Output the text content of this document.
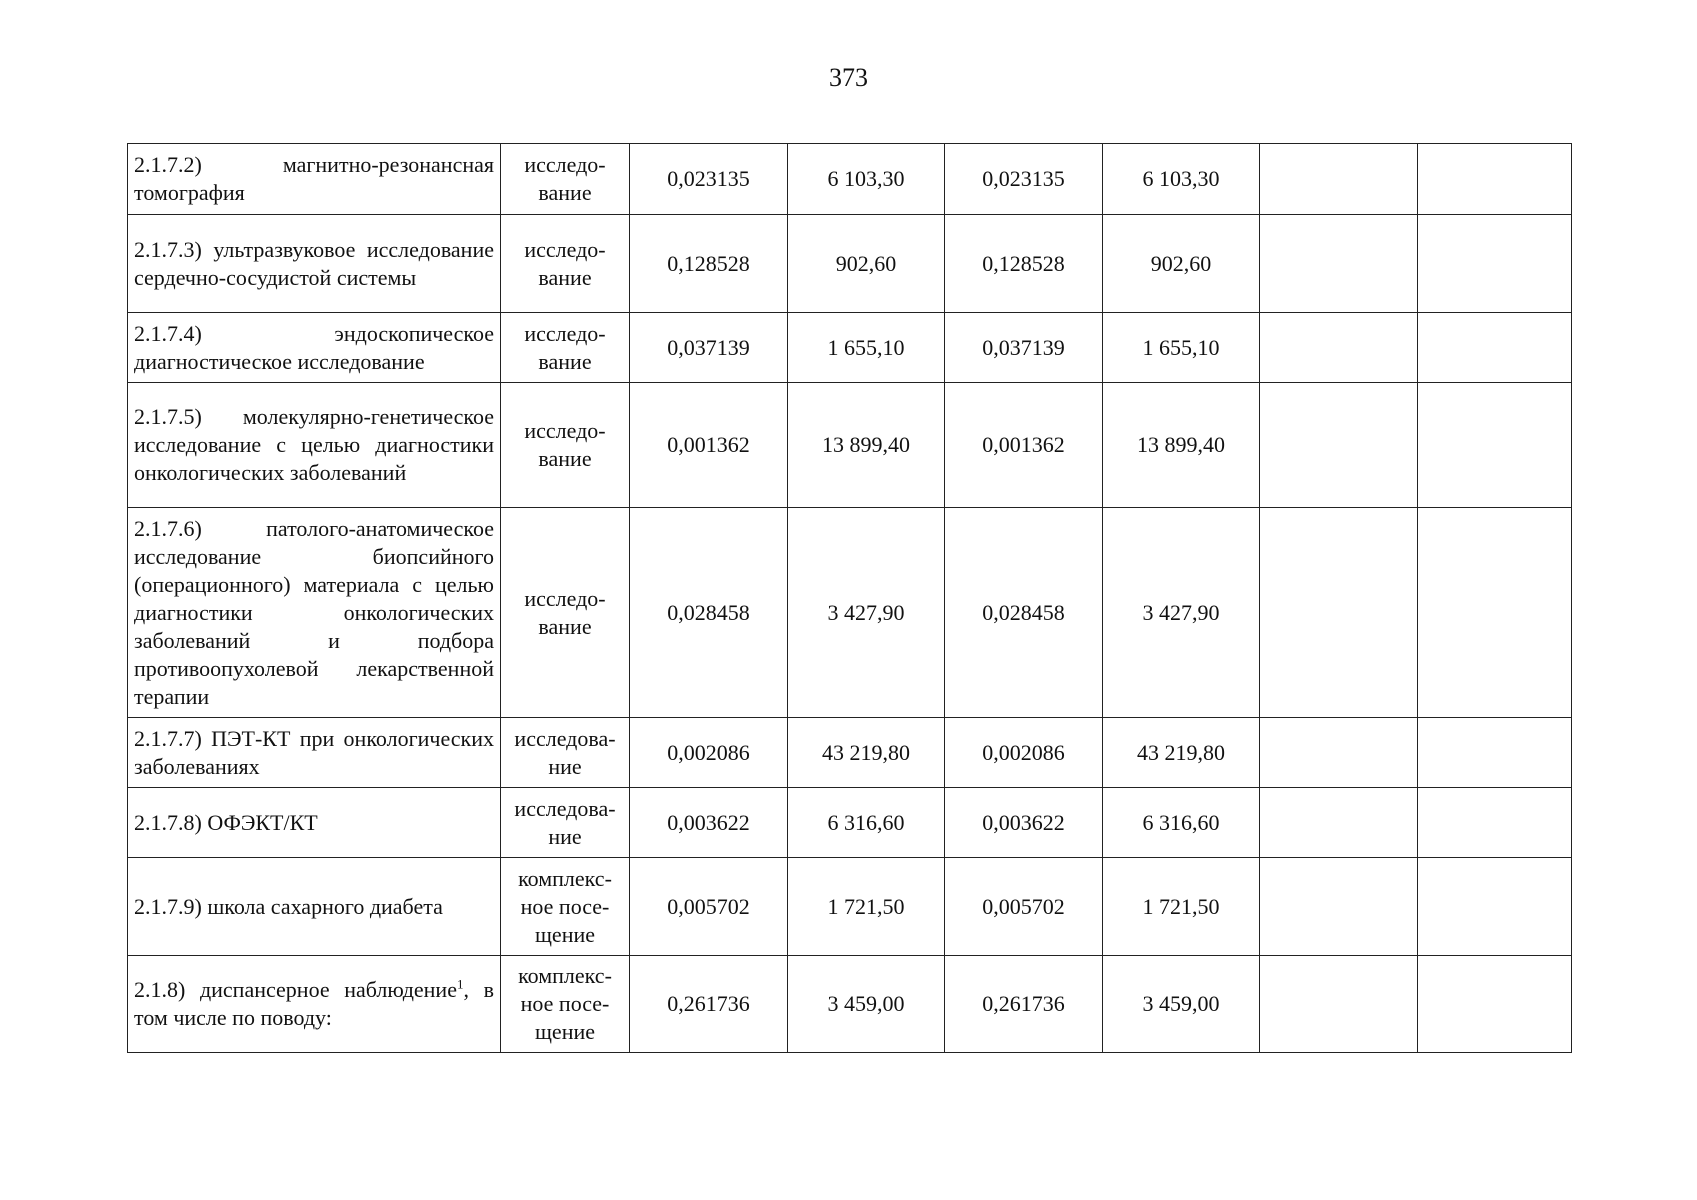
373
2.1.7.2) магнитно-резонансная томография	исследо-
вание	0,023135	6 103,30	0,023135	6 103,30		
2.1.7.3) ультразвуковое исследование сердечно-сосудистой системы	исследо-
вание	0,128528	902,60	0,128528	902,60		
2.1.7.4) эндоскопическое диагностическое исследование	исследо-
вание	0,037139	1 655,10	0,037139	1 655,10		
2.1.7.5) молекулярно-генетическое исследование с целью диагностики онкологических заболеваний	исследо-
вание	0,001362	13 899,40	0,001362	13 899,40		
2.1.7.6) патолого-анатомическое исследование биопсийного (операционного) материала с целью диагностики онкологических заболеваний и подбора противоопухолевой лекарственной терапии	исследо-
вание	0,028458	3 427,90	0,028458	3 427,90		
2.1.7.7) ПЭТ-КТ при онкологических заболеваниях	исследова-
ние	0,002086	43 219,80	0,002086	43 219,80		
2.1.7.8) ОФЭКТ/КТ	исследова-
ние	0,003622	6 316,60	0,003622	6 316,60		
2.1.7.9) школа сахарного диабета	комплекс-
ное посе-
щение	0,005702	1 721,50	0,005702	1 721,50		
2.1.8) диспансерное наблюдение$^1$, в том числе по поводу:	комплекс-
ное посе-
щение	0,261736	3 459,00	0,261736	3 459,00		
